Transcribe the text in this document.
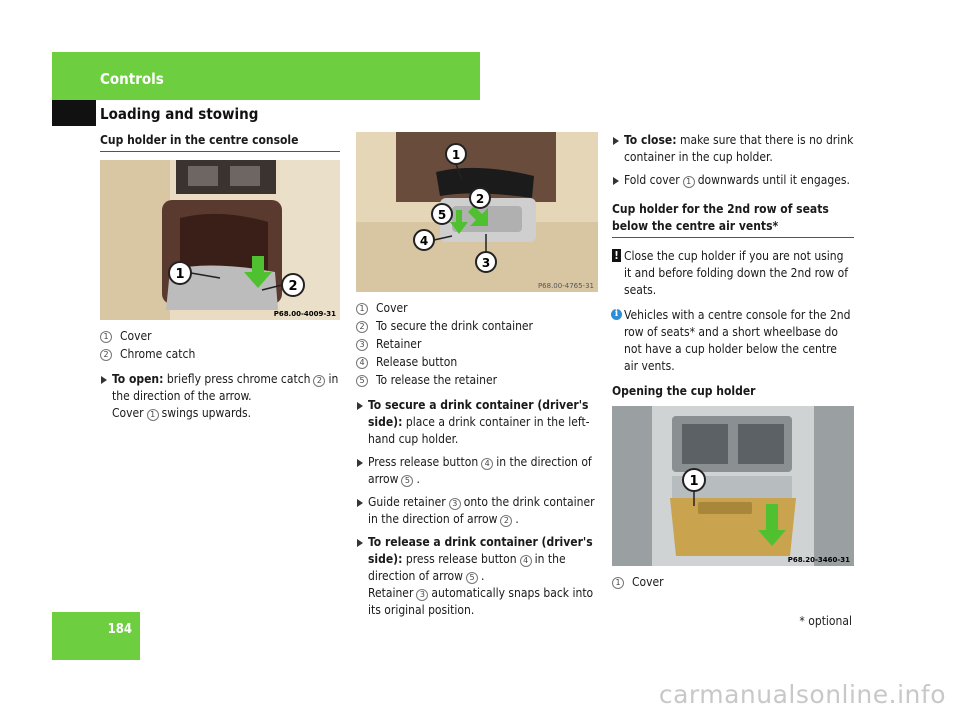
Controls
Loading and stowing
Cup holder in the centre console
1
2
P68.00-4009-31
1 Cover
2 Chrome catch
To open: briefly press chrome catch 2 in the direction of the arrow.
Cover 1 swings upwards.
1
2
5
4
3
P68.00-4765-31
1 Cover
2 To secure the drink container
3 Retainer
4 Release button
5 To release the retainer
To secure a drink container (driver's side): place a drink container in the left-hand cup holder.
Press release button 4 in the direction of arrow 5 .
Guide retainer 3 onto the drink container in the direction of arrow 2 .
To release a drink container (driver's side): press release button 4 in the direction of arrow 5 .
Retainer 3 automatically snaps back into its original position.
To close: make sure that there is no drink container in the cup holder.
Fold cover 1 downwards until it engages.
Cup holder for the 2nd row of seats below the centre air vents*
! Close the cup holder if you are not using it and before folding down the 2nd row of seats.
i Vehicles with a centre console for the 2nd row of seats* and a short wheelbase do not have a cup holder below the centre air vents.
Opening the cup holder
1
P68.20-3460-31
1 Cover
184
* optional
carmanualsonline.info
